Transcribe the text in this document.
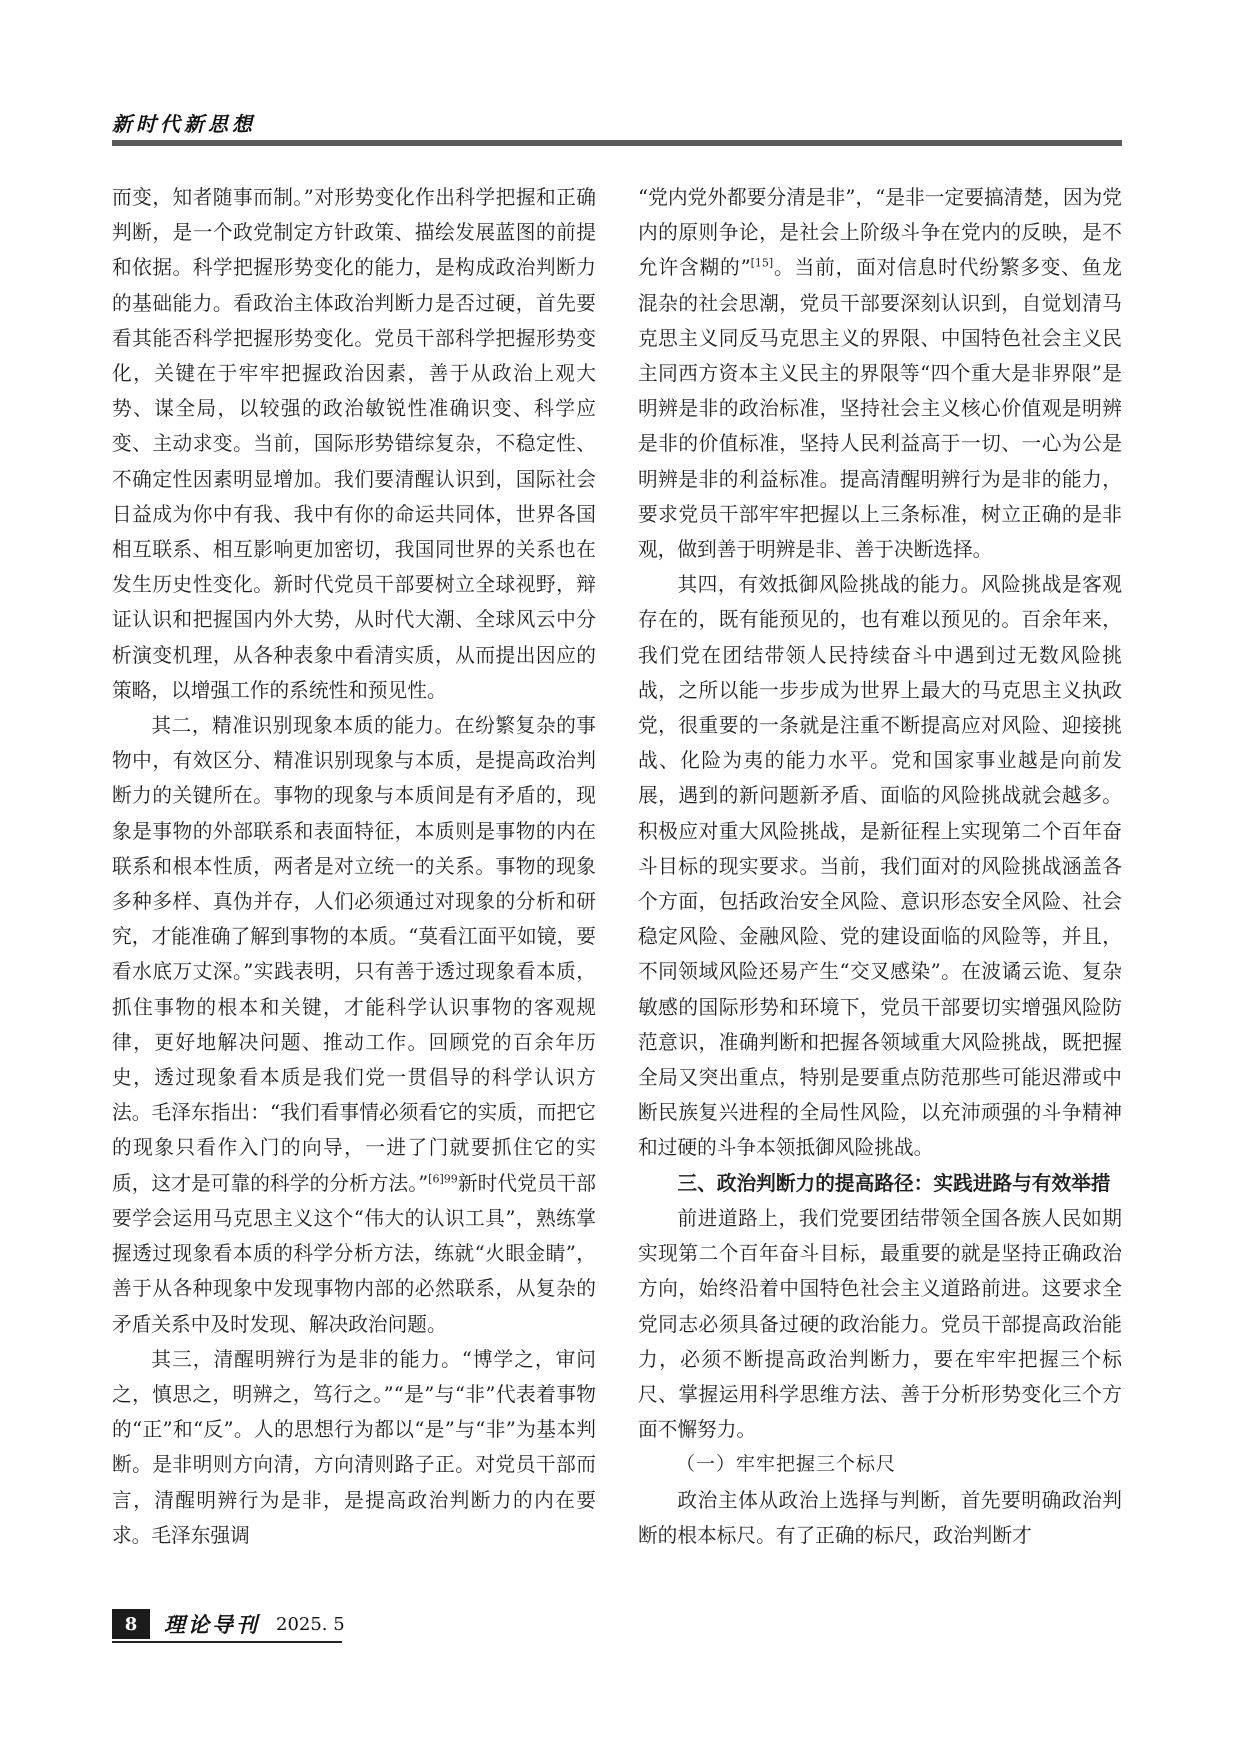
新时代新思想

而变，知者随事而制。”对形势变化作出科学把握和正确判断，是一个政党制定方针政策、描绘发展蓝图的前提和依据。科学把握形势变化的能力，是构成政治判断力的基础能力。看政治主体政治判断力是否过硬，首先要看其能否科学把握形势变化。党员干部科学把握形势变化，关键在于牢牢把握政治因素，善于从政治上观大势、谋全局，以较强的政治敏锐性准确识变、科学应变、主动求变。当前，国际形势错综复杂，不稳定性、不确定性因素明显增加。我们要清醒认识到，国际社会日益成为你中有我、我中有你的命运共同体，世界各国相互联系、相互影响更加密切，我国同世界的关系也在发生历史性变化。新时代党员干部要树立全球视野，辩证认识和把握国内外大势，从时代大潮、全球风云中分析演变机理，从各种表象中看清实质，从而提出因应的策略，以增强工作的系统性和预见性。

其二，精准识别现象本质的能力。在纷繁复杂的事物中，有效区分、精准识别现象与本质，是提高政治判断力的关键所在。事物的现象与本质间是有矛盾的，现象是事物的外部联系和表面特征，本质则是事物的内在联系和根本性质，两者是对立统一的关系。事物的现象多种多样、真伪并存，人们必须通过对现象的分析和研究，才能准确了解到事物的本质。“莫看江面平如镜，要看水底万丈深。”实践表明，只有善于透过现象看本质，抓住事物的根本和关键，才能科学认识事物的客观规律，更好地解决问题、推动工作。回顾党的百余年历史，透过现象看本质是我们党一贯倡导的科学认识方法。毛泽东指出：“我们看事情必须看它的实质，而把它的现象只看作入门的向导，一进了门就要抓住它的实质，这才是可靠的科学的分析方法。”$^{[6]99}$新时代党员干部要学会运用马克思主义这个“伟大的认识工具”，熟练掌握透过现象看本质的科学分析方法，练就“火眼金睛”，善于从各种现象中发现事物内部的必然联系，从复杂的矛盾关系中及时发现、解决政治问题。

其三，清醒明辨行为是非的能力。“博学之，审问之，慎思之，明辨之，笃行之。”“是”与“非”代表着事物的“正”和“反”。人的思想行为都以“是”与“非”为基本判断。是非明则方向清，方向清则路子正。对党员干部而言，清醒明辨行为是非，是提高政治判断力的内在要求。毛泽东强调

“党内党外都要分清是非”，“是非一定要搞清楚，因为党内的原则争论，是社会上阶级斗争在党内的反映，是不允许含糊的”[15]。当前，面对信息时代纷繁多变、鱼龙混杂的社会思潮，党员干部要深刻认识到，自觉划清马克思主义同反马克思主义的界限、中国特色社会主义民主同西方资本主义民主的界限等“四个重大是非界限”是明辨是非的政治标准，坚持社会主义核心价值观是明辨是非的价值标准，坚持人民利益高于一切、一心为公是明辨是非的利益标准。提高清醒明辨行为是非的能力，要求党员干部牢牢把握以上三条标准，树立正确的是非观，做到善于明辨是非、善于决断选择。

其四，有效抵御风险挑战的能力。风险挑战是客观存在的，既有能预见的，也有难以预见的。百余年来，我们党在团结带领人民持续奋斗中遇到过无数风险挑战，之所以能一步步成为世界上最大的马克思主义执政党，很重要的一条就是注重不断提高应对风险、迎接挑战、化险为夷的能力水平。党和国家事业越是向前发展，遇到的新问题新矛盾、面临的风险挑战就会越多。积极应对重大风险挑战，是新征程上实现第二个百年奋斗目标的现实要求。当前，我们面对的风险挑战涵盖各个方面，包括政治安全风险、意识形态安全风险、社会稳定风险、金融风险、党的建设面临的风险等，并且，不同领域风险还易产生“交叉感染”。在波谲云诡、复杂敏感的国际形势和环境下，党员干部要切实增强风险防范意识，准确判断和把握各领域重大风险挑战，既把握全局又突出重点，特别是要重点防范那些可能迟滞或中断民族复兴进程的全局性风险，以充沛顽强的斗争精神和过硬的斗争本领抵御风险挑战。

三、政治判断力的提高路径：实践进路与有效举措

前进道路上，我们党要团结带领全国各族人民如期实现第二个百年奋斗目标，最重要的就是坚持正确政治方向，始终沿着中国特色社会主义道路前进。这要求全党同志必须具备过硬的政治能力。党员干部提高政治能力，必须不断提高政治判断力，要在牢牢把握三个标尺、掌握运用科学思维方法、善于分析形势变化三个方面不懈努力。

（一）牢牢把握三个标尺

政治主体从政治上选择与判断，首先要明确政治判断的根本标尺。有了正确的标尺，政治判断才

8	理论导刊 2025. 5
